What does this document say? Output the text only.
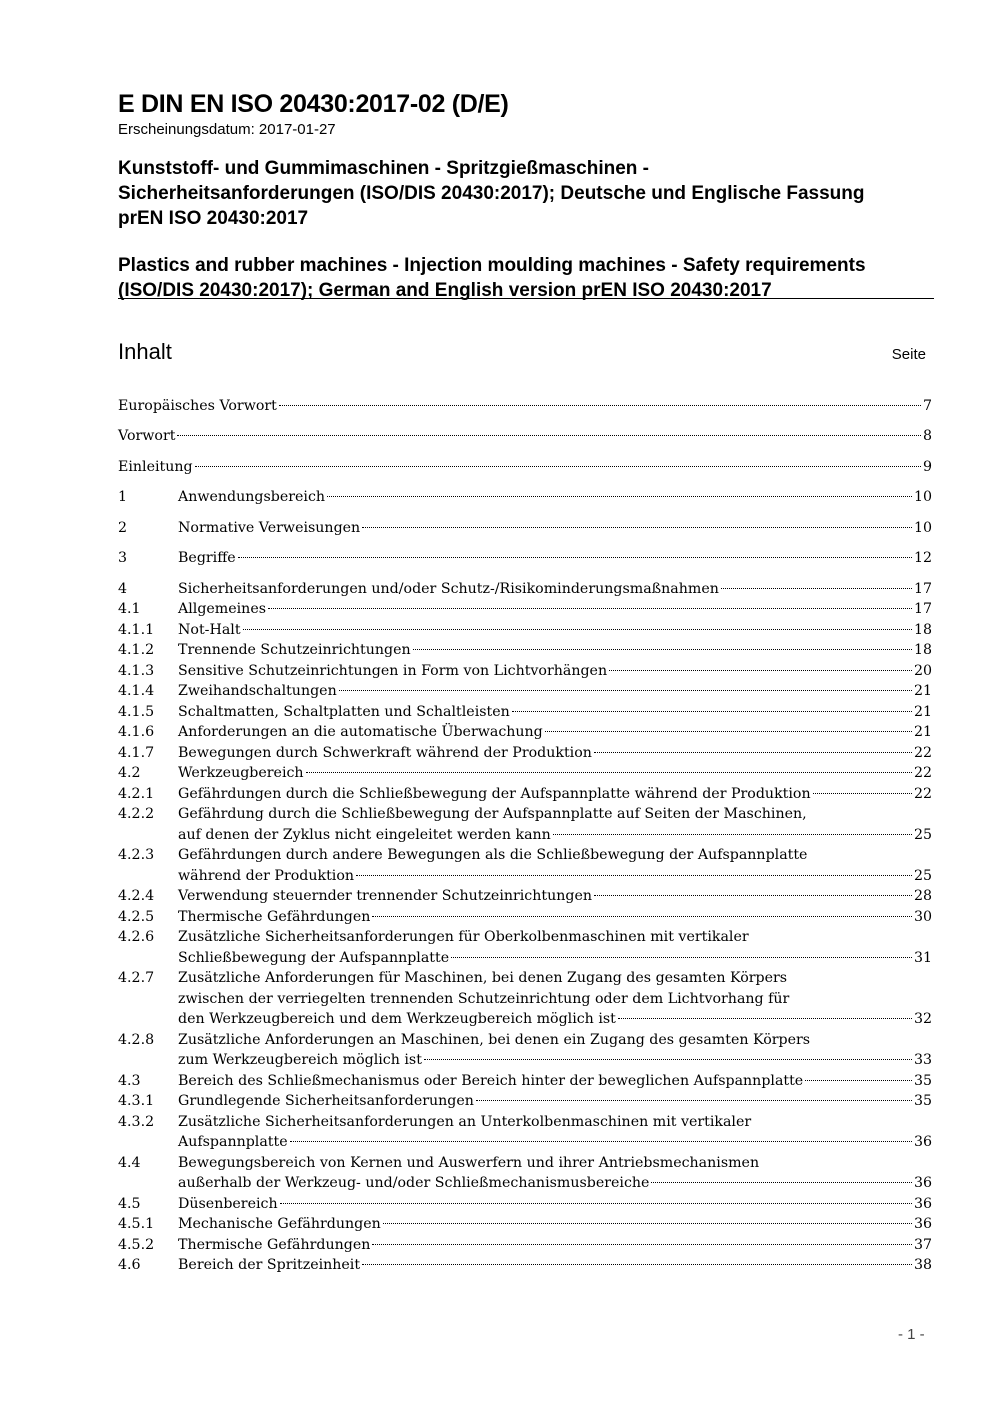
E DIN EN ISO 20430:2017-02 (D/E)
Erscheinungsdatum: 2017-01-27
Kunststoff- und Gummimaschinen - Spritzgießmaschinen -
Sicherheitsanforderungen (ISO/DIS 20430:2017); Deutsche und Englische Fassung
prEN ISO 20430:2017
Plastics and rubber machines - Injection moulding machines - Safety requirements
(ISO/DIS 20430:2017); German and English version prEN ISO 20430:2017
Inhalt	Seite
Europäisches Vorwort	7
Vorwort	8
Einleitung	9
1	Anwendungsbereich	10
2	Normative Verweisungen	10
3	Begriffe	12
4	Sicherheitsanforderungen und/oder Schutz-/Risikominderungsmaßnahmen	17
4.1	Allgemeines	17
4.1.1	Not-Halt	18
4.1.2	Trennende Schutzeinrichtungen	18
4.1.3	Sensitive Schutzeinrichtungen in Form von Lichtvorhängen	20
4.1.4	Zweihandschaltungen	21
4.1.5	Schaltmatten, Schaltplatten und Schaltleisten	21
4.1.6	Anforderungen an die automatische Überwachung	21
4.1.7	Bewegungen durch Schwerkraft während der Produktion	22
4.2	Werkzeugbereich	22
4.2.1	Gefährdungen durch die Schließbewegung der Aufspannplatte während der Produktion	22
4.2.2	Gefährdung durch die Schließbewegung der Aufspannplatte auf Seiten der Maschinen,
auf denen der Zyklus nicht eingeleitet werden kann	25
4.2.3	Gefährdungen durch andere Bewegungen als die Schließbewegung der Aufspannplatte
während der Produktion	25
4.2.4	Verwendung steuernder trennender Schutzeinrichtungen	28
4.2.5	Thermische Gefährdungen	30
4.2.6	Zusätzliche Sicherheitsanforderungen für Oberkolbenmaschinen mit vertikaler
Schließbewegung der Aufspannplatte	31
4.2.7	Zusätzliche Anforderungen für Maschinen, bei denen Zugang des gesamten Körpers
zwischen der verriegelten trennenden Schutzeinrichtung oder dem Lichtvorhang für
den Werkzeugbereich und dem Werkzeugbereich möglich ist	32
4.2.8	Zusätzliche Anforderungen an Maschinen, bei denen ein Zugang des gesamten Körpers
zum Werkzeugbereich möglich ist	33
4.3	Bereich des Schließmechanismus oder Bereich hinter der beweglichen Aufspannplatte	35
4.3.1	Grundlegende Sicherheitsanforderungen	35
4.3.2	Zusätzliche Sicherheitsanforderungen an Unterkolbenmaschinen mit vertikaler
Aufspannplatte	36
4.4	Bewegungsbereich von Kernen und Auswerfern und ihrer Antriebsmechanismen
außerhalb der Werkzeug- und/oder Schließmechanismusbereiche	36
4.5	Düsenbereich	36
4.5.1	Mechanische Gefährdungen	36
4.5.2	Thermische Gefährdungen	37
4.6	Bereich der Spritzeinheit	38
- 1 -
